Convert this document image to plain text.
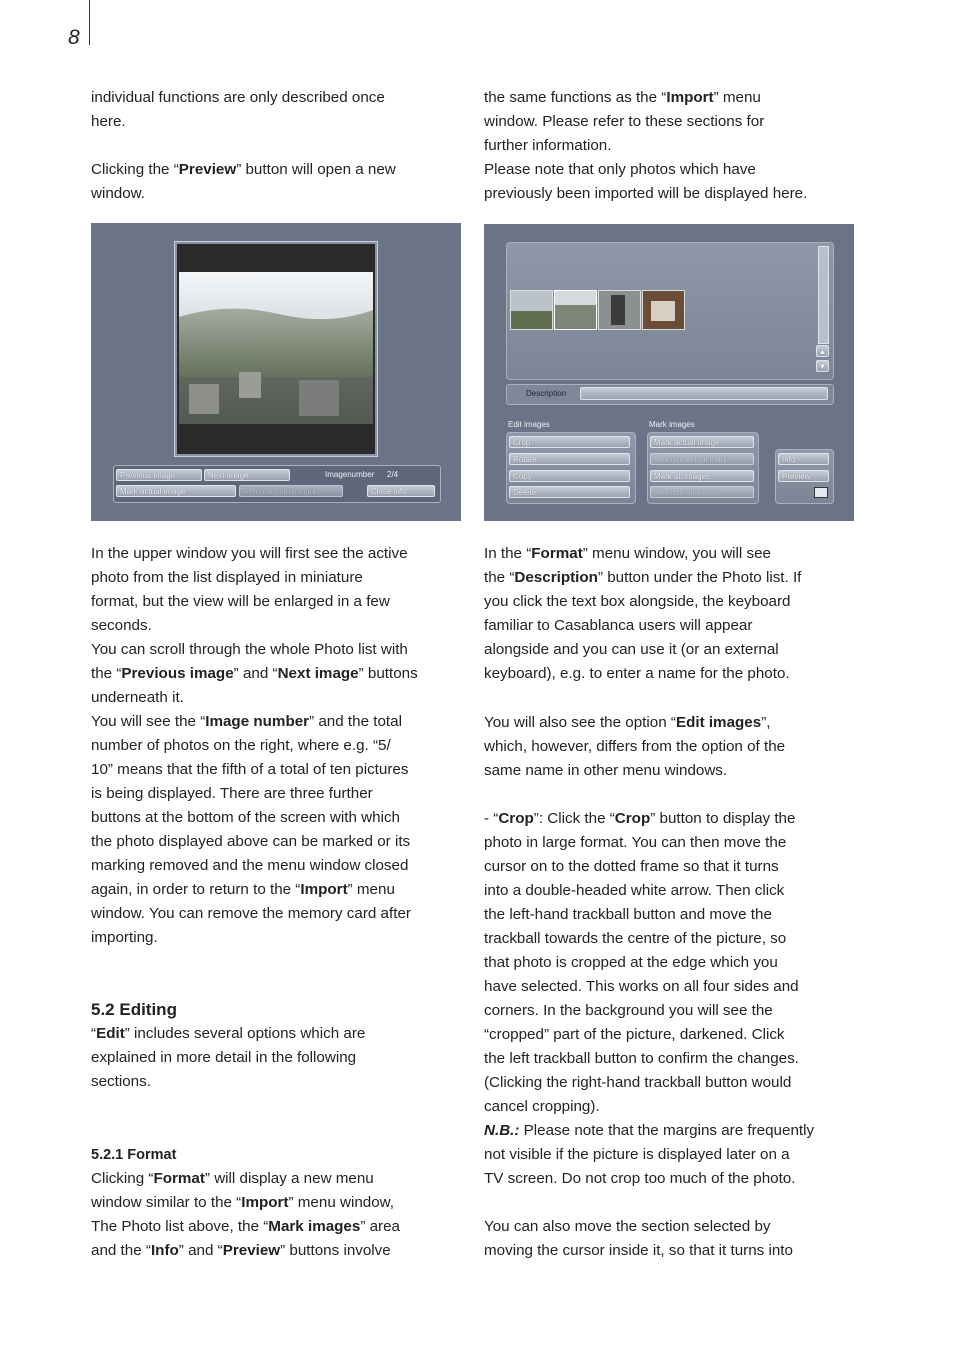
8

individual functions are only described once

here.

Clicking the “Preview” button will open a new

window.

the same functions as the “Import” menu

window. Please refer to these sections for

further information.

Please note that only photos which have

previously been imported will be displayed here.

Previous image	Next image	Imagenumber 2/4
Mark actual image	Remove actual mark	Close info
▲
▼
Description
Edit images	Mark images
Crop
Rotate
Copy
Delete
Mark actual image
Remove actual mark
Mark all images
Remove all marks
Info
Preview

In the upper window you will first see the active

photo from the list displayed in miniature

format, but the view will be enlarged in a few

seconds.

You can scroll through the whole Photo list with

the “Previous image” and “Next image” buttons

underneath it.

You will see the “Image number” and the total

number of photos on the right, where e.g. “5/

10” means that the fifth of a total of ten pictures

is being displayed. There are three further

buttons at the bottom of the screen with which

the photo displayed above can be marked or its

marking removed and the menu window closed

again, in order to return to the “Import” menu

window. You can remove the memory card after

importing.

5.2 Editing

“Edit” includes several options which are

explained in more detail in the following

sections.

5.2.1 Format

Clicking “Format” will display a new menu

window similar to the “Import” menu window,

The Photo list above, the “Mark images” area

and the “Info” and “Preview” buttons involve

In the “Format” menu window, you will see

the “Description” button under the Photo list. If

you click the text box alongside, the keyboard

familiar to Casablanca users will appear

alongside and you can use it (or an external

keyboard), e.g. to enter a name for the photo.

You will also see the option “Edit images”,

which, however, differs from the option of the

same name in other menu windows.

- “Crop”: Click the “Crop” button to display the

photo in large format. You can then move the

cursor on to the dotted frame so that it turns

into a double-headed white arrow. Then click

the left-hand trackball button and move the

trackball towards the centre of the picture, so

that photo is cropped at the edge which you

have selected. This works on all four sides and

corners. In the background you will see the

“cropped” part of the picture, darkened. Click

the left trackball button to confirm the changes.

(Clicking the right-hand trackball button would

cancel cropping).

N.B.: Please note that the margins are frequently

not visible if the picture is displayed later on a

TV screen. Do not crop too much of the photo.

You can also move the section selected by

moving the cursor inside it, so that it turns into
